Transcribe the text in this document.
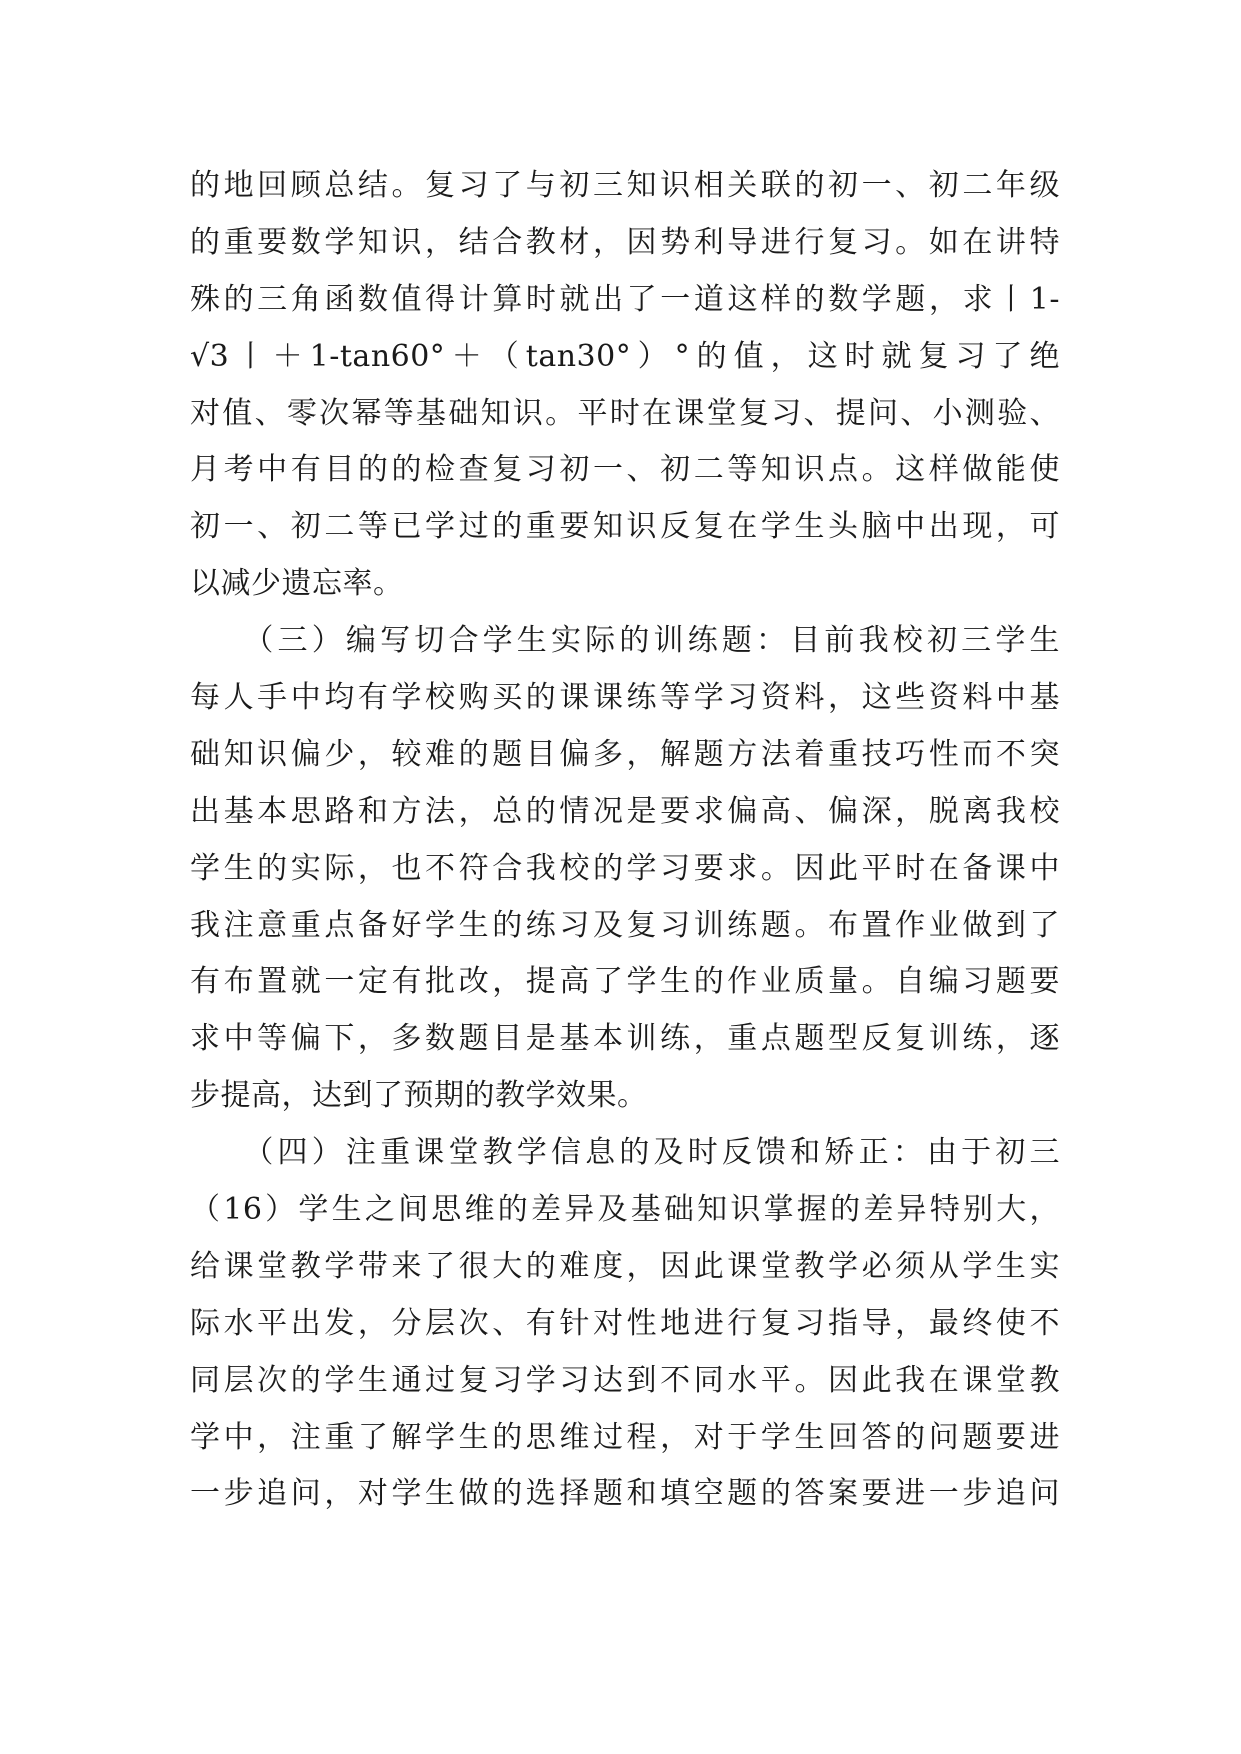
的地回顾总结。复习了与初三知识相关联的初一、初二年级
的重要数学知识，结合教材，因势利导进行复习。如在讲特
殊的三角函数值得计算时就出了一道这样的数学题，求丨1-
√3丨＋1-tan60°＋（tan30°）°的值，这时就复习了绝
对值、零次幂等基础知识。平时在课堂复习、提问、小测验、
月考中有目的的检查复习初一、初二等知识点。这样做能使
初一、初二等已学过的重要知识反复在学生头脑中出现，可
以减少遗忘率。
　　（三）编写切合学生实际的训练题：目前我校初三学生
每人手中均有学校购买的课课练等学习资料，这些资料中基
础知识偏少，较难的题目偏多，解题方法着重技巧性而不突
出基本思路和方法，总的情况是要求偏高、偏深，脱离我校
学生的实际，也不符合我校的学习要求。因此平时在备课中
我注意重点备好学生的练习及复习训练题。布置作业做到了
有布置就一定有批改，提高了学生的作业质量。自编习题要
求中等偏下，多数题目是基本训练，重点题型反复训练，逐
步提高，达到了预期的教学效果。
　　（四）注重课堂教学信息的及时反馈和矫正：由于初三
（16）学生之间思维的差异及基础知识掌握的差异特别大，
给课堂教学带来了很大的难度，因此课堂教学必须从学生实
际水平出发，分层次、有针对性地进行复习指导，最终使不
同层次的学生通过复习学习达到不同水平。因此我在课堂教
学中，注重了解学生的思维过程，对于学生回答的问题要进
一步追问，对学生做的选择题和填空题的答案要进一步追问
